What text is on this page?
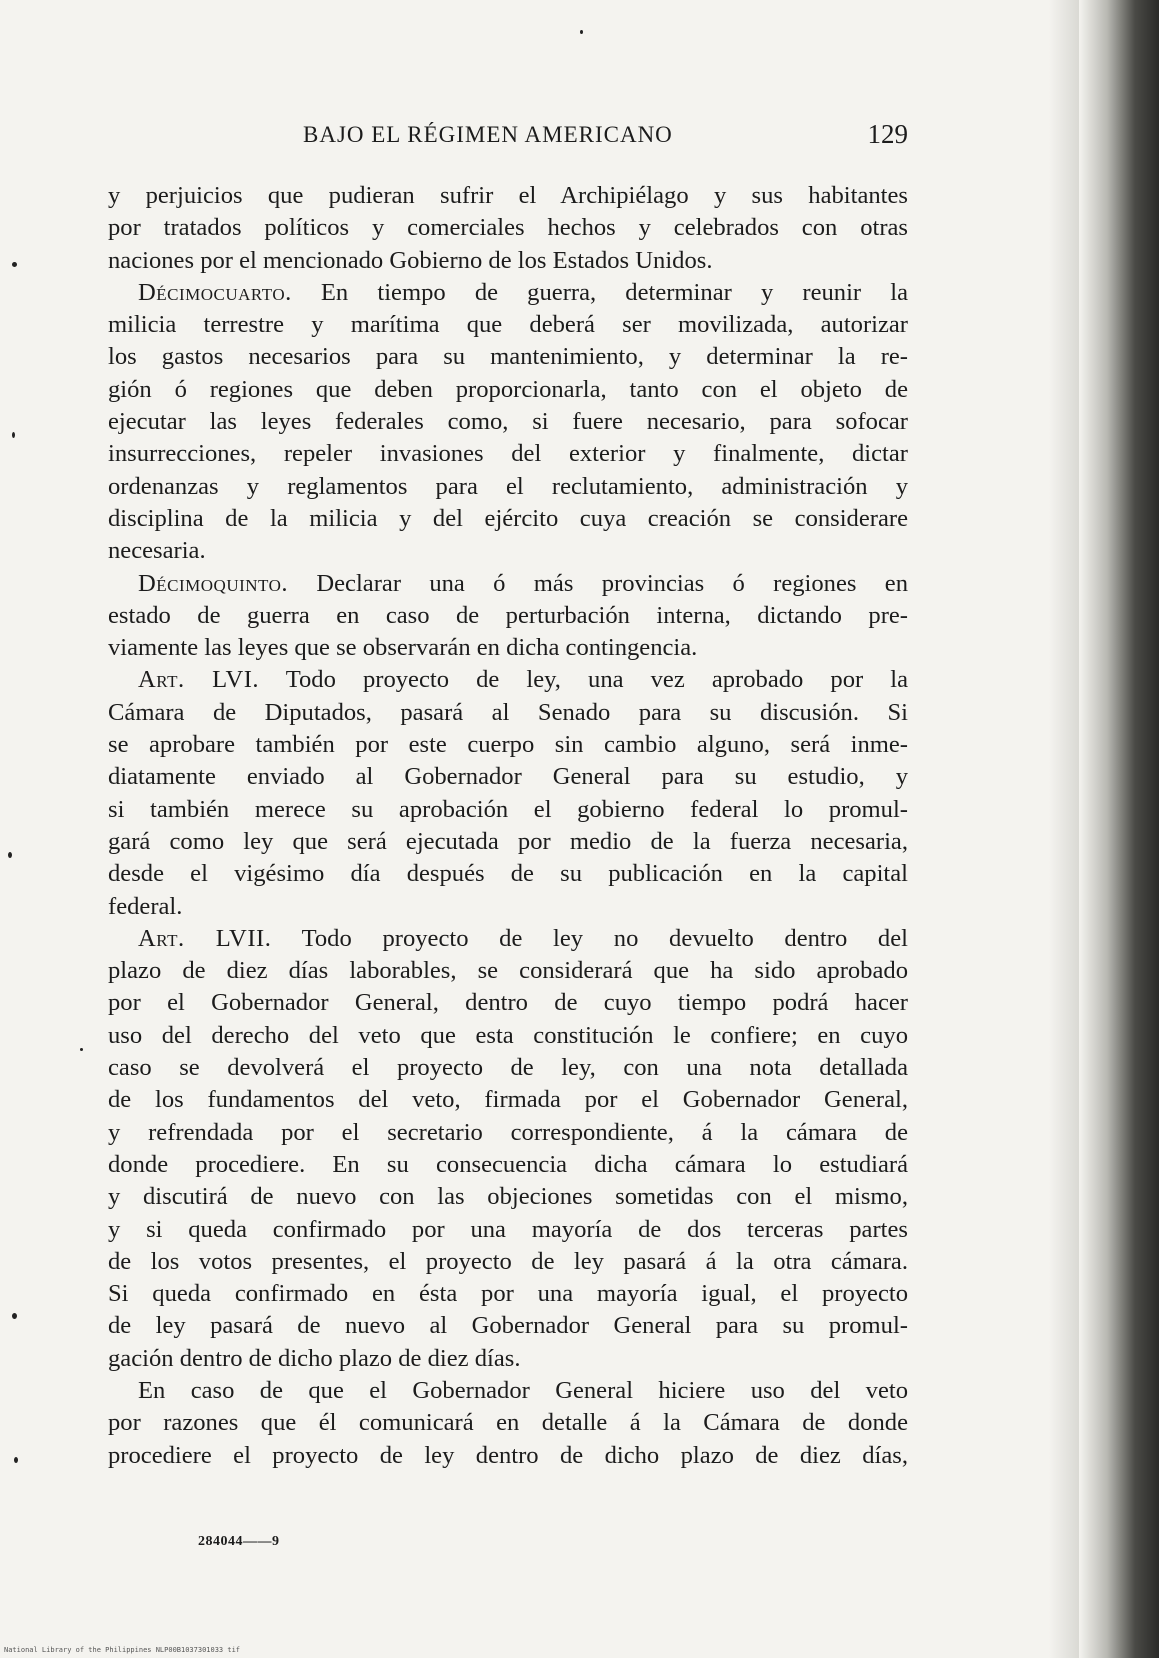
BAJO EL RÉGIMEN AMERICANO	129
y perjuicios que pudieran sufrir el Archipiélago y sus habitantes
por tratados políticos y comerciales hechos y celebrados con otras
naciones por el mencionado Gobierno de los Estados Unidos.
Décimocuarto. En tiempo de guerra, determinar y reunir la
milicia terrestre y marítima que deberá ser movilizada, autorizar
los gastos necesarios para su mantenimiento, y determinar la re-
gión ó regiones que deben proporcionarla, tanto con el objeto de
ejecutar las leyes federales como, si fuere necesario, para sofocar
insurrecciones, repeler invasiones del exterior y finalmente, dictar
ordenanzas y reglamentos para el reclutamiento, administración y
disciplina de la milicia y del ejército cuya creación se considerare
necesaria.
Décimoquinto. Declarar una ó más provincias ó regiones en
estado de guerra en caso de perturbación interna, dictando pre-
viamente las leyes que se observarán en dicha contingencia.
Art. LVI. Todo proyecto de ley, una vez aprobado por la
Cámara de Diputados, pasará al Senado para su discusión. Si
se aprobare también por este cuerpo sin cambio alguno, será inme-
diatamente enviado al Gobernador General para su estudio, y
si también merece su aprobación el gobierno federal lo promul-
gará como ley que será ejecutada por medio de la fuerza necesaria,
desde el vigésimo día después de su publicación en la capital
federal.
Art. LVII. Todo proyecto de ley no devuelto dentro del
plazo de diez días laborables, se considerará que ha sido aprobado
por el Gobernador General, dentro de cuyo tiempo podrá hacer
uso del derecho del veto que esta constitución le confiere; en cuyo
caso se devolverá el proyecto de ley, con una nota detallada
de los fundamentos del veto, firmada por el Gobernador General,
y refrendada por el secretario correspondiente, á la cámara de
donde procediere. En su consecuencia dicha cámara lo estudiará
y discutirá de nuevo con las objeciones sometidas con el mismo,
y si queda confirmado por una mayoría de dos terceras partes
de los votos presentes, el proyecto de ley pasará á la otra cámara.
Si queda confirmado en ésta por una mayoría igual, el proyecto
de ley pasará de nuevo al Gobernador General para su promul-
gación dentro de dicho plazo de diez días.
En caso de que el Gobernador General hiciere uso del veto
por razones que él comunicará en detalle á la Cámara de donde
procediere el proyecto de ley dentro de dicho plazo de diez días,
284044——9
National Library of the Philippines NLP00B1037301033 tif
